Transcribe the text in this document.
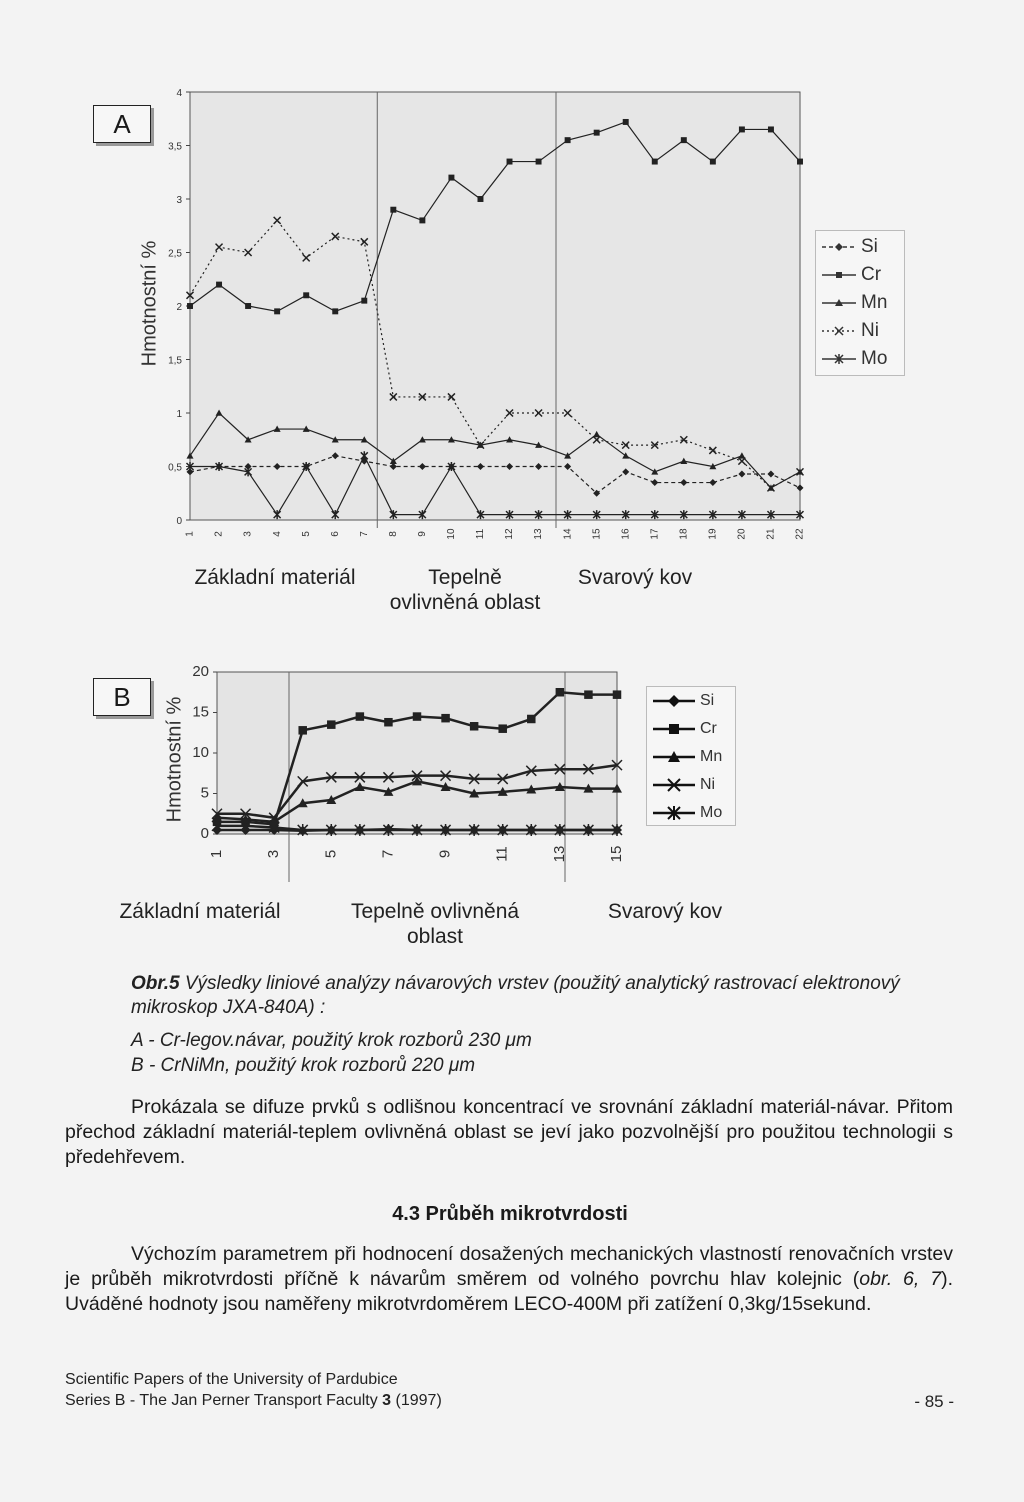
A
Hmotnostní %
0
0,5
1
1,5
2
2,5
3
3,5
4
1 2 3 4 5 6 7 8 9 10 11 12 13 14 15 16 17 18 19 20 21 22
Si
Cr
Mn
Ni
Mo
Základní materiál	Tepelně
ovlivněná oblast
Svarový kov
B	Hmotnostní %
0
5
10
15
20
1	3	5	7	9	11	13	15
Si
Cr
Mn
Ni
Mo
Základní materiál	Tepelně ovlivněná
oblast
Svarový kov
Obr.5 Výsledky liniové analýzy návarových vrstev (použitý analytický rastrovací elektronový mikroskop JXA-840A) :
A - Cr-legov.návar, použitý krok rozborů 230 μm
B - CrNiMn, použitý krok rozborů 220 μm
Prokázala se difuze prvků s odlišnou koncentrací ve srovnání základní materiál-návar. Přitom přechod základní materiál-teplem ovlivněná oblast se jeví jako pozvolnější pro použitou technologii s předehřevem.
4.3 Průběh mikrotvrdosti
Výchozím parametrem při hodnocení dosažených mechanických vlastností renovačních vrstev je průběh mikrotvrdosti příčně k návarům směrem od volného povrchu hlav kolejnic (obr. 6, 7). Uváděné hodnoty jsou naměřeny mikrotvrdoměrem LECO-400M při zatížení 0,3kg/15sekund.
Scientific Papers of the University of Pardubice
Series B - The Jan Perner Transport Faculty 3 (1997)	- 85 -
